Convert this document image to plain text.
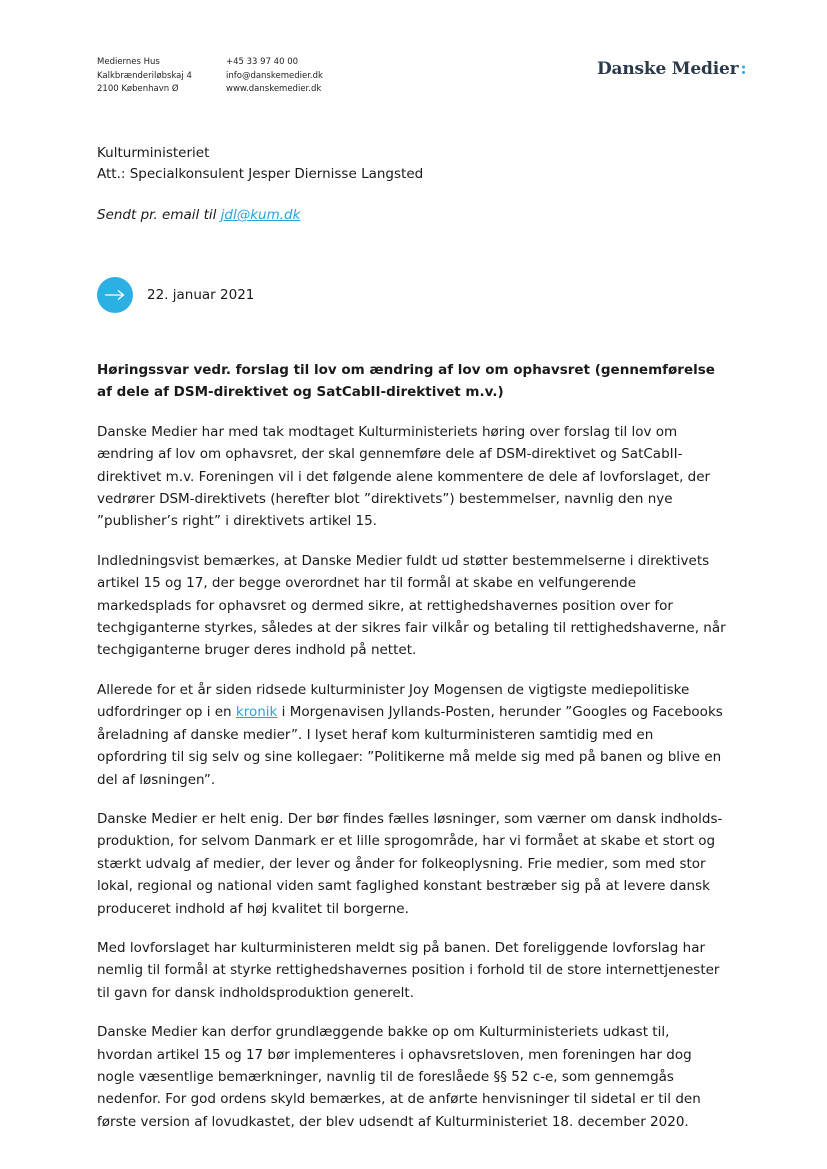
Mediernes Hus
Kalkbrænderiløbskaj 4
2100 København Ø
+45 33 97 40 00
info@danskemedier.dk
www.danskemedier.dk
Danske Medier :
Kulturministeriet
Att.: Specialkonsulent Jesper Diernisse Langsted
Sendt pr. email til jdl@kum.dk
22. januar 2021

Høringssvar vedr. forslag til lov om ændring af lov om ophavsret (gennemførelse af dele af DSM-direktivet og SatCabII-direktivet m.v.)

Danske Medier har med tak modtaget Kulturministeriets høring over forslag til lov om ændring af lov om ophavsret, der skal gennemføre dele af DSM-direktivet og SatCabII-direktivet m.v. Foreningen vil i det følgende alene kommentere de dele af lovforslaget, der vedrører DSM-direktivets (herefter blot ”direktivets”) bestemmelser, navnlig den nye ”publisher’s right” i direktivets artikel 15.

Indledningsvist bemærkes, at Danske Medier fuldt ud støtter bestemmelserne i direktivets artikel 15 og 17, der begge overordnet har til formål at skabe en velfungerende markedsplads for ophavsret og dermed sikre, at rettighedshavernes position over for techgiganterne styrkes, således at der sikres fair vilkår og betaling til rettighedshaverne, når techgiganterne bruger deres indhold på nettet.

Allerede for et år siden ridsede kulturminister Joy Mogensen de vigtigste mediepolitiske udfordringer op i en kronik i Morgenavisen Jyllands-Posten, herunder ”Googles og Facebooks åreladning af danske medier”. I lyset heraf kom kulturministeren samtidig med en opfordring til sig selv og sine kollegaer: ”Politikerne må melde sig med på banen og blive en del af løsningen”.

Danske Medier er helt enig. Der bør findes fælles løsninger, som værner om dansk indholds-produktion, for selvom Danmark er et lille sprogområde, har vi formået at skabe et stort og stærkt udvalg af medier, der lever og ånder for folkeoplysning. Frie medier, som med stor lokal, regional og national viden samt faglighed konstant bestræber sig på at levere dansk produceret indhold af høj kvalitet til borgerne.

Med lovforslaget har kulturministeren meldt sig på banen. Det foreliggende lovforslag har nemlig til formål at styrke rettighedshavernes position i forhold til de store internettjenester til gavn for dansk indholdsproduktion generelt.

Danske Medier kan derfor grundlæggende bakke op om Kulturministeriets udkast til, hvordan artikel 15 og 17 bør implementeres i ophavsretsloven, men foreningen har dog nogle væsentlige bemærkninger, navnlig til de foreslåede §§ 52 c-e, som gennemgås nedenfor. For god ordens skyld bemærkes, at de anførte henvisninger til sidetal er til den første version af lovudkastet, der blev udsendt af Kulturministeriet 18. december 2020.
